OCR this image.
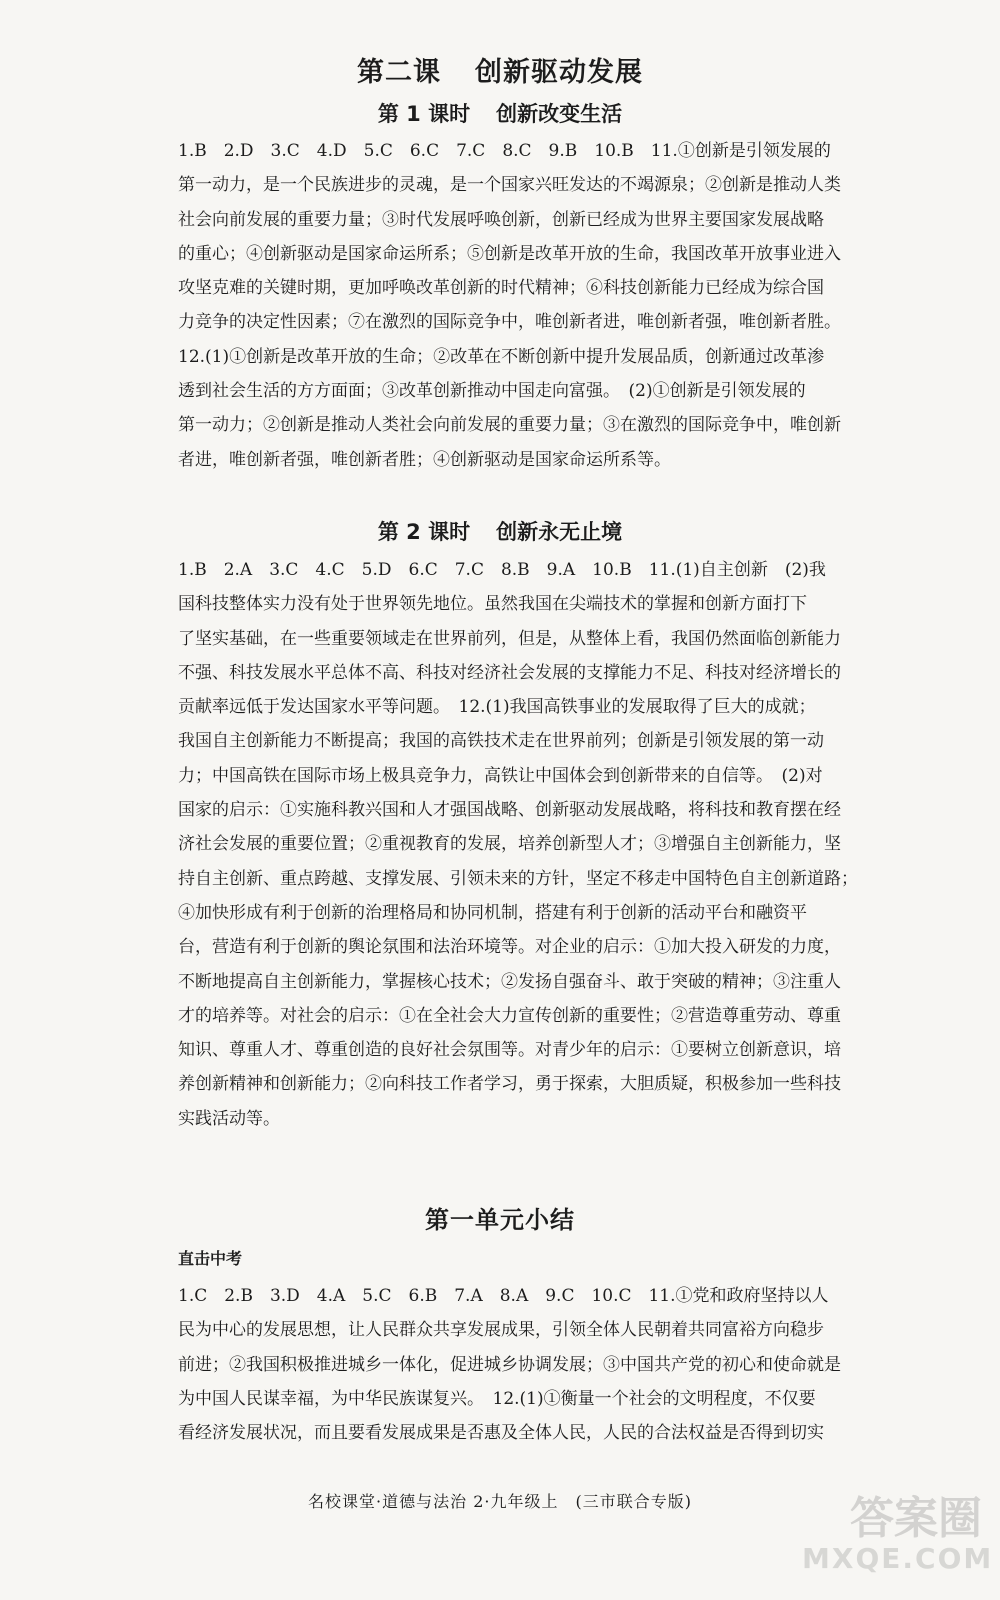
第二课 创新驱动发展
第 1 课时 创新改变生活
1.B　2.D　3.C　4.D　5.C　6.C　7.C　8.C　9.B　10.B　11.①创新是引领发展的
第一动力，是一个民族进步的灵魂，是一个国家兴旺发达的不竭源泉；②创新是推动人类
社会向前发展的重要力量；③时代发展呼唤创新，创新已经成为世界主要国家发展战略
的重心；④创新驱动是国家命运所系；⑤创新是改革开放的生命，我国改革开放事业进入
攻坚克难的关键时期，更加呼唤改革创新的时代精神；⑥科技创新能力已经成为综合国
力竞争的决定性因素；⑦在激烈的国际竞争中，唯创新者进，唯创新者强，唯创新者胜。
12.(1)①创新是改革开放的生命；②改革在不断创新中提升发展品质，创新通过改革渗
透到社会生活的方方面面；③改革创新推动中国走向富强。　(2)①创新是引领发展的
第一动力；②创新是推动人类社会向前发展的重要力量；③在激烈的国际竞争中，唯创新
者进，唯创新者强，唯创新者胜；④创新驱动是国家命运所系等。
第 2 课时 创新永无止境
1.B　2.A　3.C　4.C　5.D　6.C　7.C　8.B　9.A　10.B　11.(1)自主创新　(2)我
国科技整体实力没有处于世界领先地位。虽然我国在尖端技术的掌握和创新方面打下
了坚实基础，在一些重要领域走在世界前列，但是，从整体上看，我国仍然面临创新能力
不强、科技发展水平总体不高、科技对经济社会发展的支撑能力不足、科技对经济增长的
贡献率远低于发达国家水平等问题。　12.(1)我国高铁事业的发展取得了巨大的成就；
我国自主创新能力不断提高；我国的高铁技术走在世界前列；创新是引领发展的第一动
力；中国高铁在国际市场上极具竞争力，高铁让中国体会到创新带来的自信等。　(2)对
国家的启示：①实施科教兴国和人才强国战略、创新驱动发展战略，将科技和教育摆在经
济社会发展的重要位置；②重视教育的发展，培养创新型人才；③增强自主创新能力，坚
持自主创新、重点跨越、支撑发展、引领未来的方针，坚定不移走中国特色自主创新道路；
④加快形成有利于创新的治理格局和协同机制，搭建有利于创新的活动平台和融资平
台，营造有利于创新的舆论氛围和法治环境等。对企业的启示：①加大投入研发的力度，
不断地提高自主创新能力，掌握核心技术；②发扬自强奋斗、敢于突破的精神；③注重人
才的培养等。对社会的启示：①在全社会大力宣传创新的重要性；②营造尊重劳动、尊重
知识、尊重人才、尊重创造的良好社会氛围等。对青少年的启示：①要树立创新意识，培
养创新精神和创新能力；②向科技工作者学习，勇于探索，大胆质疑，积极参加一些科技
实践活动等。
第一单元小结
直击中考
1.C　2.B　3.D　4.A　5.C　6.B　7.A　8.A　9.C　10.C　11.①党和政府坚持以人
民为中心的发展思想，让人民群众共享发展成果，引领全体人民朝着共同富裕方向稳步
前进；②我国积极推进城乡一体化，促进城乡协调发展；③中国共产党的初心和使命就是
为中国人民谋幸福，为中华民族谋复兴。　12.(1)①衡量一个社会的文明程度，不仅要
看经济发展状况，而且要看发展成果是否惠及全体人民，人民的合法权益是否得到切实
名校课堂·道德与法治 2·九年级上　(三市联合专版)	答案圈
MXQE.COM
